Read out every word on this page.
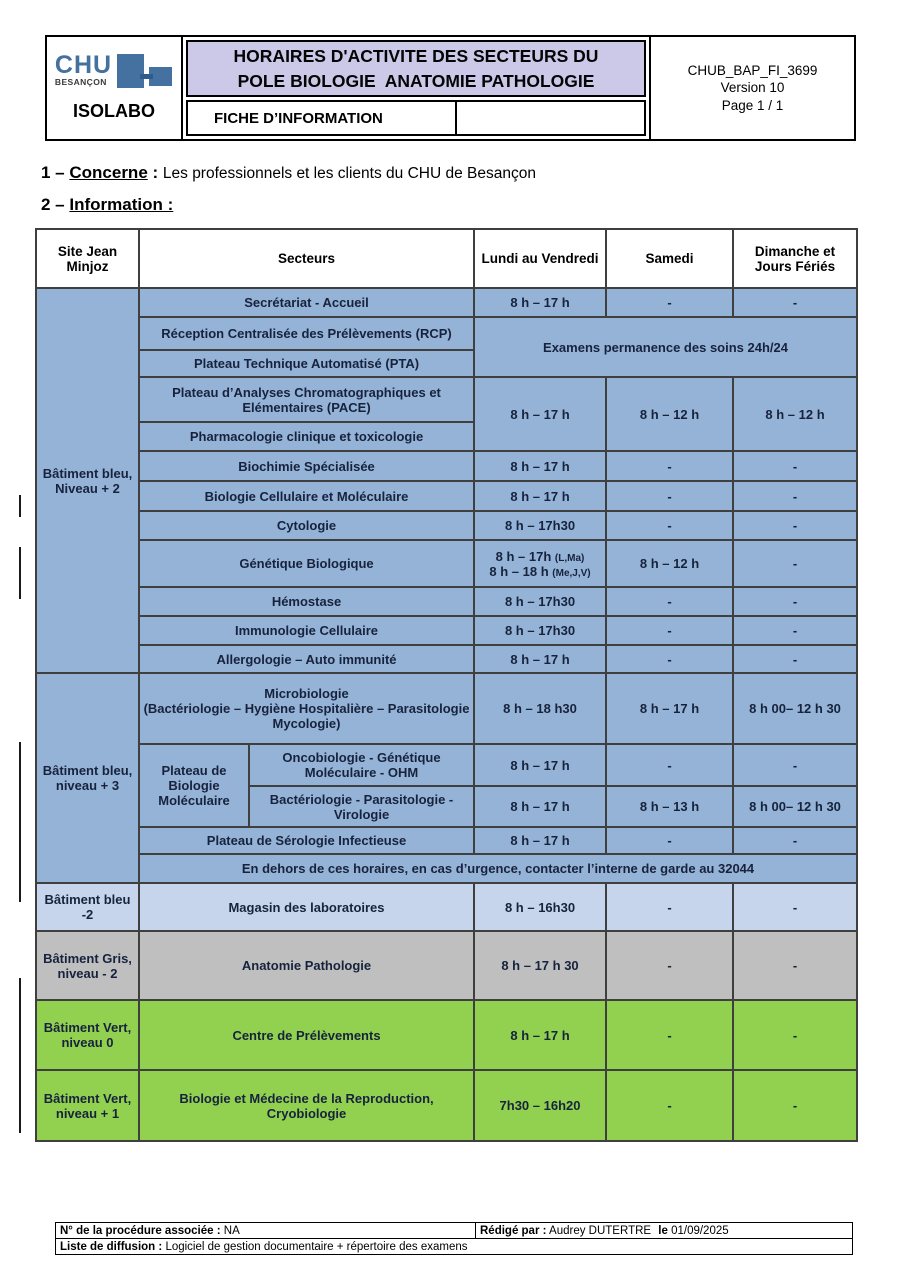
CHU
BESANÇON
ISOLABO
HORAIRES D'ACTIVITE DES SECTEURS DU
POLE BIOLOGIE  ANATOMIE PATHOLOGIE
FICHE D’INFORMATION
CHUB_BAP_FI_3699
Version 10
Page 1 / 1
1 – Concerne : Les professionnels et les clients du CHU de Besançon
2 – Information :
Site Jean Minjoz	Secteurs		Lundi au Vendredi	Samedi	Dimanche et Jours Fériés
Bâtiment bleu, Niveau + 2	Secrétariat - Accueil		8 h – 17 h	-	-
	Réception Centralisée des Prélèvements (RCP)		Examens permanence des soins 24h/24		
	Plateau Technique Automatisé (PTA)				
	Plateau d’Analyses Chromatographiques et Elémentaires (PACE)		8 h – 17 h	8 h – 12 h	8 h – 12 h
	Pharmacologie clinique et toxicologie				
	Biochimie Spécialisée		8 h – 17 h	-	-
	Biologie Cellulaire et Moléculaire		8 h – 17 h	-	-
	Cytologie		8 h – 17h30	-	-
	Génétique Biologique		8 h – 17h (L,Ma)
8 h – 18 h (Me,J,V)	8 h – 12 h	-
	Hémostase		8 h – 17h30	-	-
	Immunologie Cellulaire		8 h – 17h30	-	-
	Allergologie – Auto immunité		8 h – 17 h	-	-
Bâtiment bleu, niveau + 3	Microbiologie
(Bactériologie – Hygiène Hospitalière – Parasitologie Mycologie)		8 h – 18 h30	8 h – 17 h	8 h 00– 12 h 30
	Plateau de Biologie Moléculaire	Oncobiologie - Génétique Moléculaire - OHM	8 h – 17 h	-	-
		Bactériologie - Parasitologie - Virologie	8 h – 17 h	8 h – 13 h	8 h 00– 12 h 30
	Plateau de Sérologie Infectieuse		8 h – 17 h	-	-
	En dehors de ces horaires, en cas d’urgence, contacter l’interne de garde au 32044				
Bâtiment bleu -2	Magasin des laboratoires		8 h – 16h30	-	-
Bâtiment Gris, niveau - 2	Anatomie Pathologie		8 h – 17 h 30	-	-
Bâtiment Vert, niveau 0	Centre de Prélèvements		8 h – 17 h	-	-
Bâtiment Vert, niveau + 1	Biologie et Médecine de la Reproduction, Cryobiologie		7h30 – 16h20	-	-
N° de la procédure associée : NA	Rédigé par : Audrey DUTERTRE le 01/09/2025
Liste de diffusion : Logiciel de gestion documentaire + répertoire des examens
